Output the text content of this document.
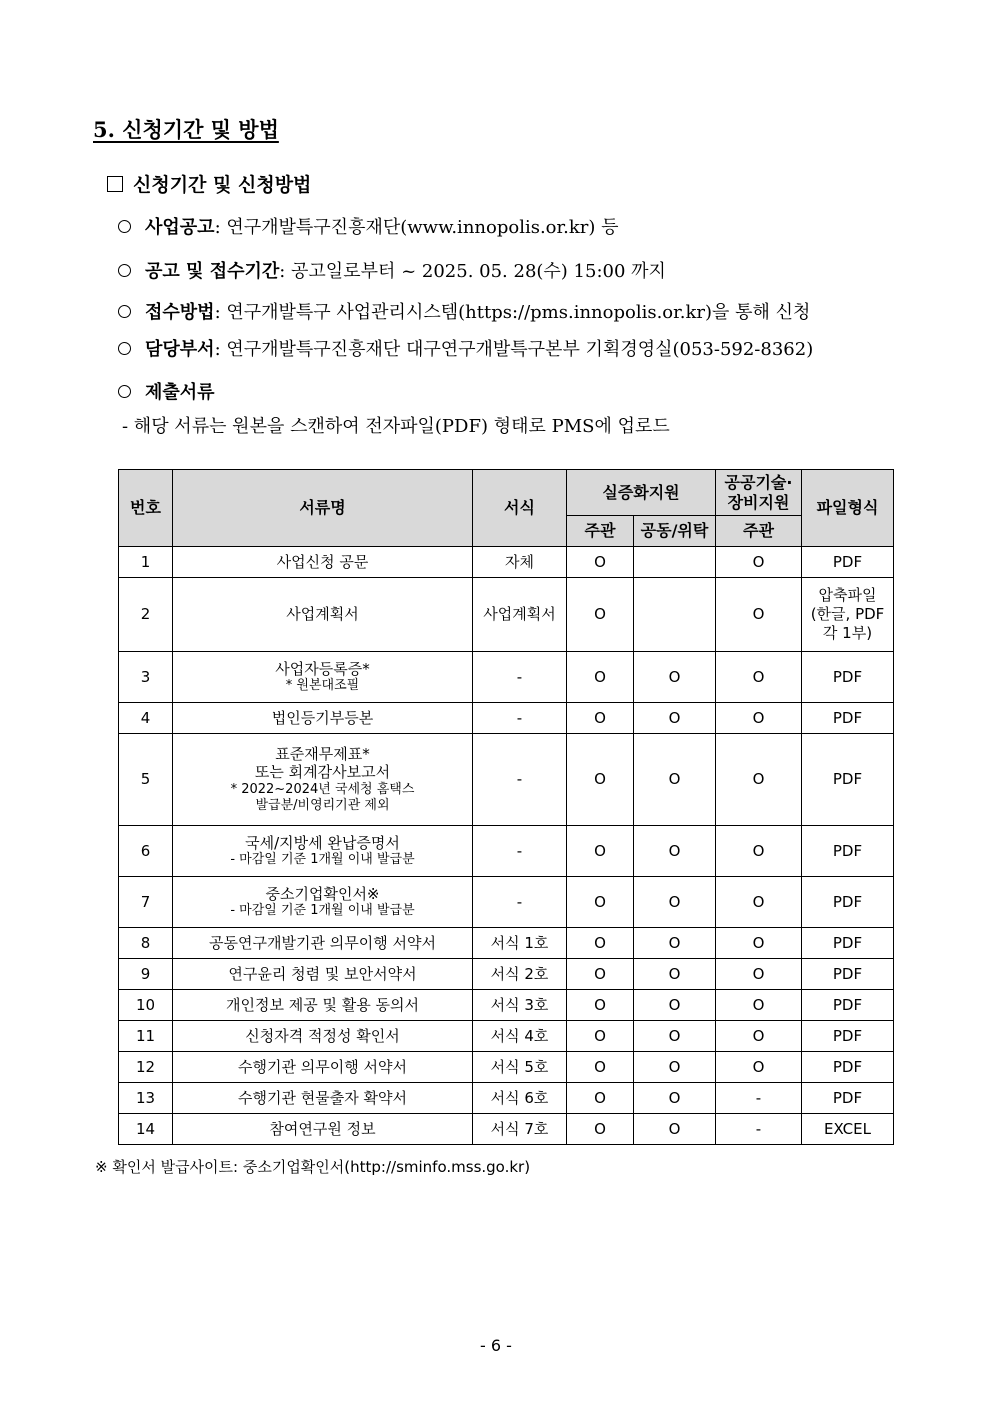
5. 신청기간 및 방법
신청기간 및 신청방법
사업공고 : 연구개발특구진흥재단(www.innopolis.or.kr) 등
공고 및 접수기간 : 공고일로부터 ~ 2025. 05. 28(수) 15:00 까지
접수방법 : 연구개발특구 사업관리시스템(https://pms.innopolis.or.kr)을 통해 신청
담당부서 : 연구개발특구진흥재단 대구연구개발특구본부 기획경영실(053-592-8362)
제출서류
- 해당 서류는 원본을 스캔하여 전자파일(PDF) 형태로 PMS에 업로드
번호	서류명	서식	실증화지원		공공기술·
장비지원	파일형식
			주관	공동/위탁	주관	
1	사업신청 공문	자체	O		O	PDF
2	사업계획서	사업계획서	O		O	압축파일
(한글, PDF
각 1부)
3	사업자등록증*
* 원본대조필	-	O	O	O	PDF
4	법인등기부등본	-	O	O	O	PDF
5	표준재무제표*
또는 회계감사보고서
* 2022~2024년 국세청 홈택스
발급분/비영리기관 제외	-	O	O	O	PDF
6	국세/지방세 완납증명서
- 마감일 기준 1개월 이내 발급분	-	O	O	O	PDF
7	중소기업확인서※
- 마감일 기준 1개월 이내 발급분	-	O	O	O	PDF
8	공동연구개발기관 의무이행 서약서	서식 1호	O	O	O	PDF
9	연구윤리 청렴 및 보안서약서	서식 2호	O	O	O	PDF
10	개인정보 제공 및 활용 동의서	서식 3호	O	O	O	PDF
11	신청자격 적정성 확인서	서식 4호	O	O	O	PDF
12	수행기관 의무이행 서약서	서식 5호	O	O	O	PDF
13	수행기관 현물출자 확약서	서식 6호	O	O	-	PDF
14	참여연구원 정보	서식 7호	O	O	-	EXCEL
※ 확인서 발급사이트: 중소기업확인서(http://sminfo.mss.go.kr)
- 6 -
